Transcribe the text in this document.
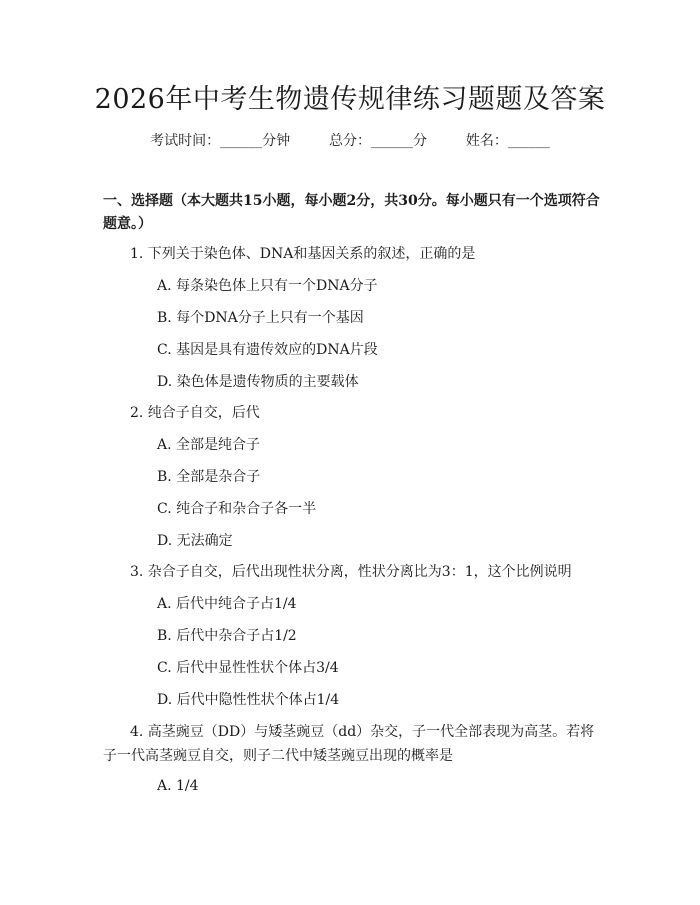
2026年中考生物遗传规律练习题题及答案
考试时间：______分钟	总分：______分	姓名：______
一、选择题（本大题共15小题，每小题2分，共30分。每小题只有一个选项符合题意。）
1. 下列关于染色体、DNA和基因关系的叙述，正确的是
A. 每条染色体上只有一个DNA分子
B. 每个DNA分子上只有一个基因
C. 基因是具有遗传效应的DNA片段
D. 染色体是遗传物质的主要载体
2. 纯合子自交，后代
A. 全部是纯合子
B. 全部是杂合子
C. 纯合子和杂合子各一半
D. 无法确定
3. 杂合子自交，后代出现性状分离，性状分离比为3：1，这个比例说明
A. 后代中纯合子占1/4
B. 后代中杂合子占1/2
C. 后代中显性性状个体占3/4
D. 后代中隐性性状个体占1/4
4. 高茎豌豆（DD）与矮茎豌豆（dd）杂交，子一代全部表现为高茎。若将子一代高茎豌豆自交，则子二代中矮茎豌豆出现的概率是
A. 1/4
